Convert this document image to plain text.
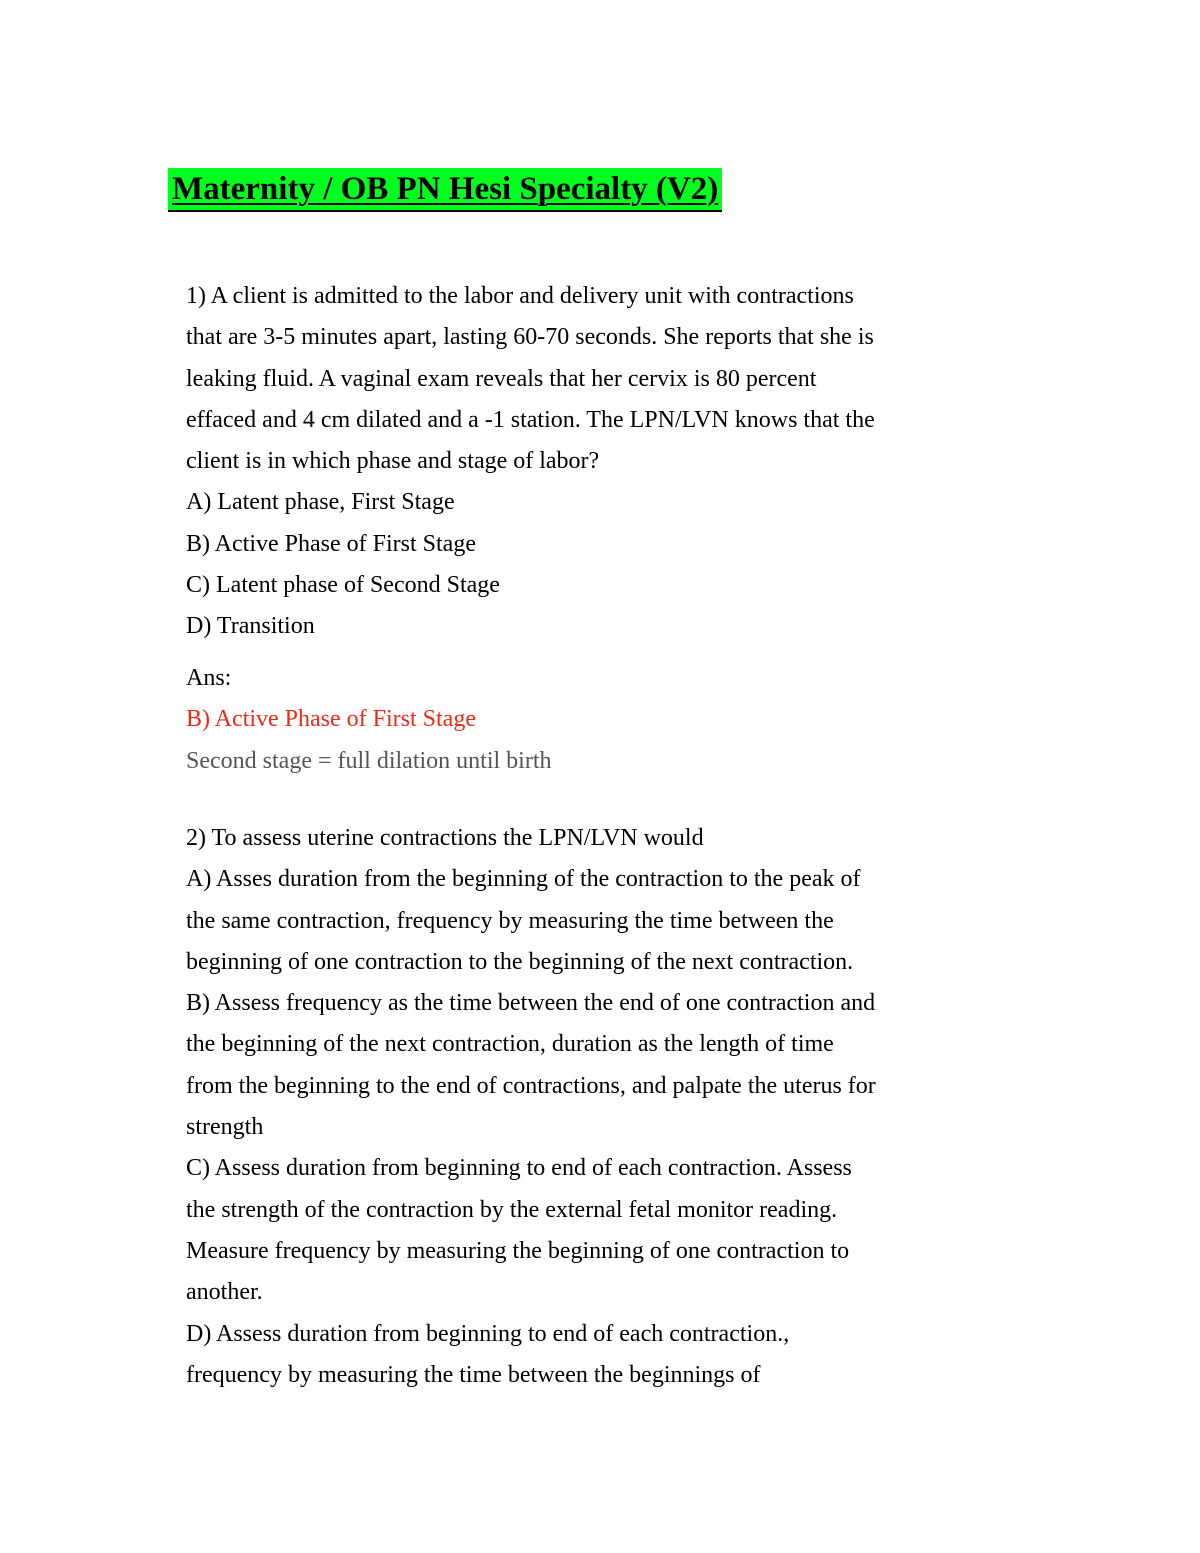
Maternity / OB PN Hesi Specialty (V2)
1) A client is admitted to the labor and delivery unit with contractions
that are 3-5 minutes apart, lasting 60-70 seconds. She reports that she is
leaking fluid. A vaginal exam reveals that her cervix is 80 percent
effaced and 4 cm dilated and a -1 station. The LPN/LVN knows that the
client is in which phase and stage of labor?
A) Latent phase, First Stage
B) Active Phase of First Stage
C) Latent phase of Second Stage
D) Transition
Ans:
B) Active Phase of First Stage
Second stage = full dilation until birth
2) To assess uterine contractions the LPN/LVN would
A) Asses duration from the beginning of the contraction to the peak of
the same contraction, frequency by measuring the time between the
beginning of one contraction to the beginning of the next contraction.
B) Assess frequency as the time between the end of one contraction and
the beginning of the next contraction, duration as the length of time
from the beginning to the end of contractions, and palpate the uterus for
strength
C) Assess duration from beginning to end of each contraction. Assess
the strength of the contraction by the external fetal monitor reading.
Measure frequency by measuring the beginning of one contraction to
another.
D) Assess duration from beginning to end of each contraction.,
frequency by measuring the time between the beginnings of
